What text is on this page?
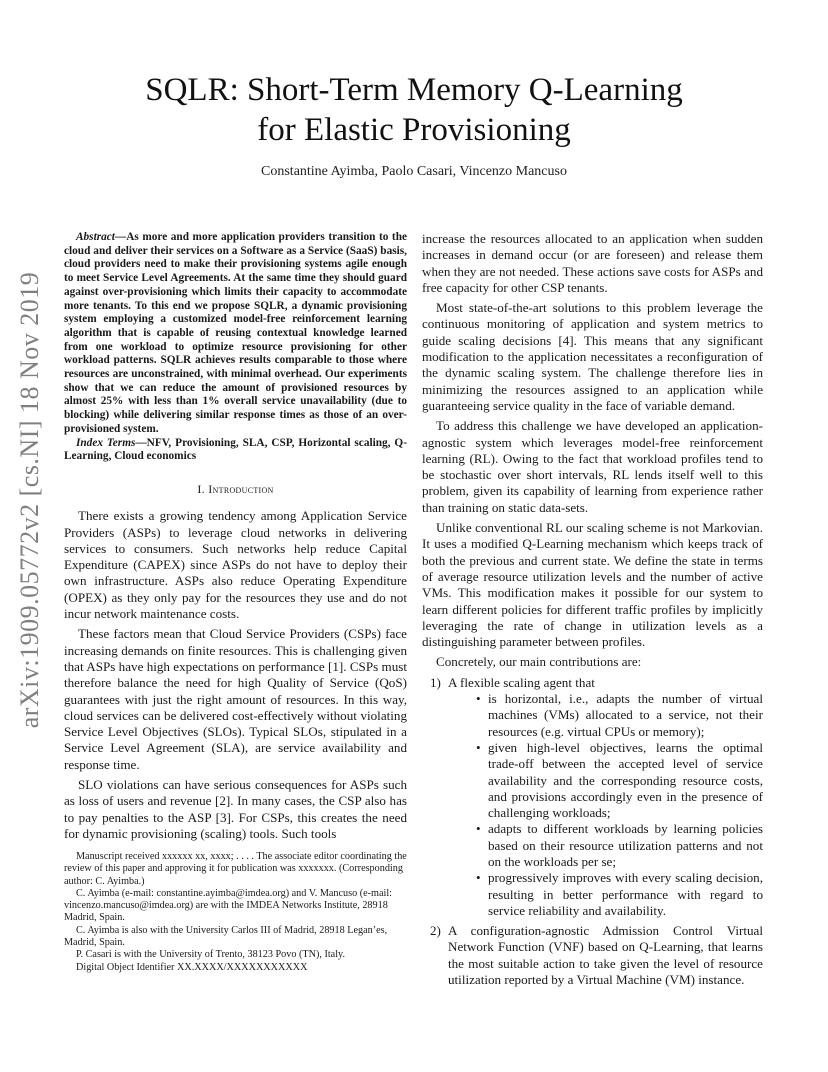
arXiv:1909.05772v2 [cs.NI] 18 Nov 2019
SQLR: Short-Term Memory Q-Learning
for Elastic Provisioning
Constantine Ayimba, Paolo Casari, Vincenzo Mancuso

Abstract—As more and more application providers transition to the cloud and deliver their services on a Software as a Service (SaaS) basis, cloud providers need to make their provisioning systems agile enough to meet Service Level Agreements. At the same time they should guard against over-provisioning which limits their capacity to accommodate more tenants. To this end we propose SQLR, a dynamic provisioning system employing a customized model-free reinforcement learning algorithm that is capable of reusing contextual knowledge learned from one workload to optimize resource provisioning for other workload patterns. SQLR achieves results comparable to those where resources are unconstrained, with minimal overhead. Our experiments show that we can reduce the amount of provisioned resources by almost 25% with less than 1% overall service unavailability (due to blocking) while delivering similar response times as those of an over-provisioned system.

Index Terms—NFV, Provisioning, SLA, CSP, Horizontal scaling, Q-Learning, Cloud economics

I. Introduction

There exists a growing tendency among Application Service Providers (ASPs) to leverage cloud networks in delivering services to consumers. Such networks help reduce Capital Expenditure (CAPEX) since ASPs do not have to deploy their own infrastructure. ASPs also reduce Operating Expenditure (OPEX) as they only pay for the resources they use and do not incur network maintenance costs.

These factors mean that Cloud Service Providers (CSPs) face increasing demands on finite resources. This is challenging given that ASPs have high expectations on performance [1]. CSPs must therefore balance the need for high Quality of Service (QoS) guarantees with just the right amount of resources. In this way, cloud services can be delivered cost-effectively without violating Service Level Objectives (SLOs). Typical SLOs, stipulated in a Service Level Agreement (SLA), are service availability and response time.

SLO violations can have serious consequences for ASPs such as loss of users and revenue [2]. In many cases, the CSP also has to pay penalties to the ASP [3]. For CSPs, this creates the need for dynamic provisioning (scaling) tools. Such tools

Manuscript received xxxxxx xx, xxxx; . . . . The associate editor coordinating the review of this paper and approving it for publication was xxxxxxx. (Corresponding author: C. Ayimba.)

C. Ayimba (e-mail: constantine.ayimba@imdea.org) and V. Mancuso (e-mail: vincenzo.mancuso@imdea.org) are with the IMDEA Networks Institute, 28918 Madrid, Spain.

C. Ayimba is also with the University Carlos III of Madrid, 28918 Legan’es, Madrid, Spain.

P. Casari is with the University of Trento, 38123 Povo (TN), Italy.

Digital Object Identifier XX.XXXX/XXXXXXXXXXX

increase the resources allocated to an application when sudden increases in demand occur (or are foreseen) and release them when they are not needed. These actions save costs for ASPs and free capacity for other CSP tenants.

Most state-of-the-art solutions to this problem leverage the continuous monitoring of application and system metrics to guide scaling decisions [4]. This means that any significant modification to the application necessitates a reconfiguration of the dynamic scaling system. The challenge therefore lies in minimizing the resources assigned to an application while guaranteeing service quality in the face of variable demand.

To address this challenge we have developed an application-agnostic system which leverages model-free reinforcement learning (RL). Owing to the fact that workload profiles tend to be stochastic over short intervals, RL lends itself well to this problem, given its capability of learning from experience rather than training on static data-sets.

Unlike conventional RL our scaling scheme is not Markovian. It uses a modified Q-Learning mechanism which keeps track of both the previous and current state. We define the state in terms of average resource utilization levels and the number of active VMs. This modification makes it possible for our system to learn different policies for different traffic profiles by implicitly leveraging the rate of change in utilization levels as a distinguishing parameter between profiles.

Concretely, our main contributions are:

1) A flexible scaling agent that
• is horizontal, i.e., adapts the number of virtual machines (VMs) allocated to a service, not their resources (e.g. virtual CPUs or memory);
• given high-level objectives, learns the optimal trade-off between the accepted level of service availability and the corresponding resource costs, and provisions accordingly even in the presence of challenging workloads;
• adapts to different workloads by learning policies based on their resource utilization patterns and not on the workloads per se;
• progressively improves with every scaling decision, resulting in better performance with regard to service reliability and availability.
2) A configuration-agnostic Admission Control Virtual Network Function (VNF) based on Q-Learning, that learns the most suitable action to take given the level of resource utilization reported by a Virtual Machine (VM) instance.
